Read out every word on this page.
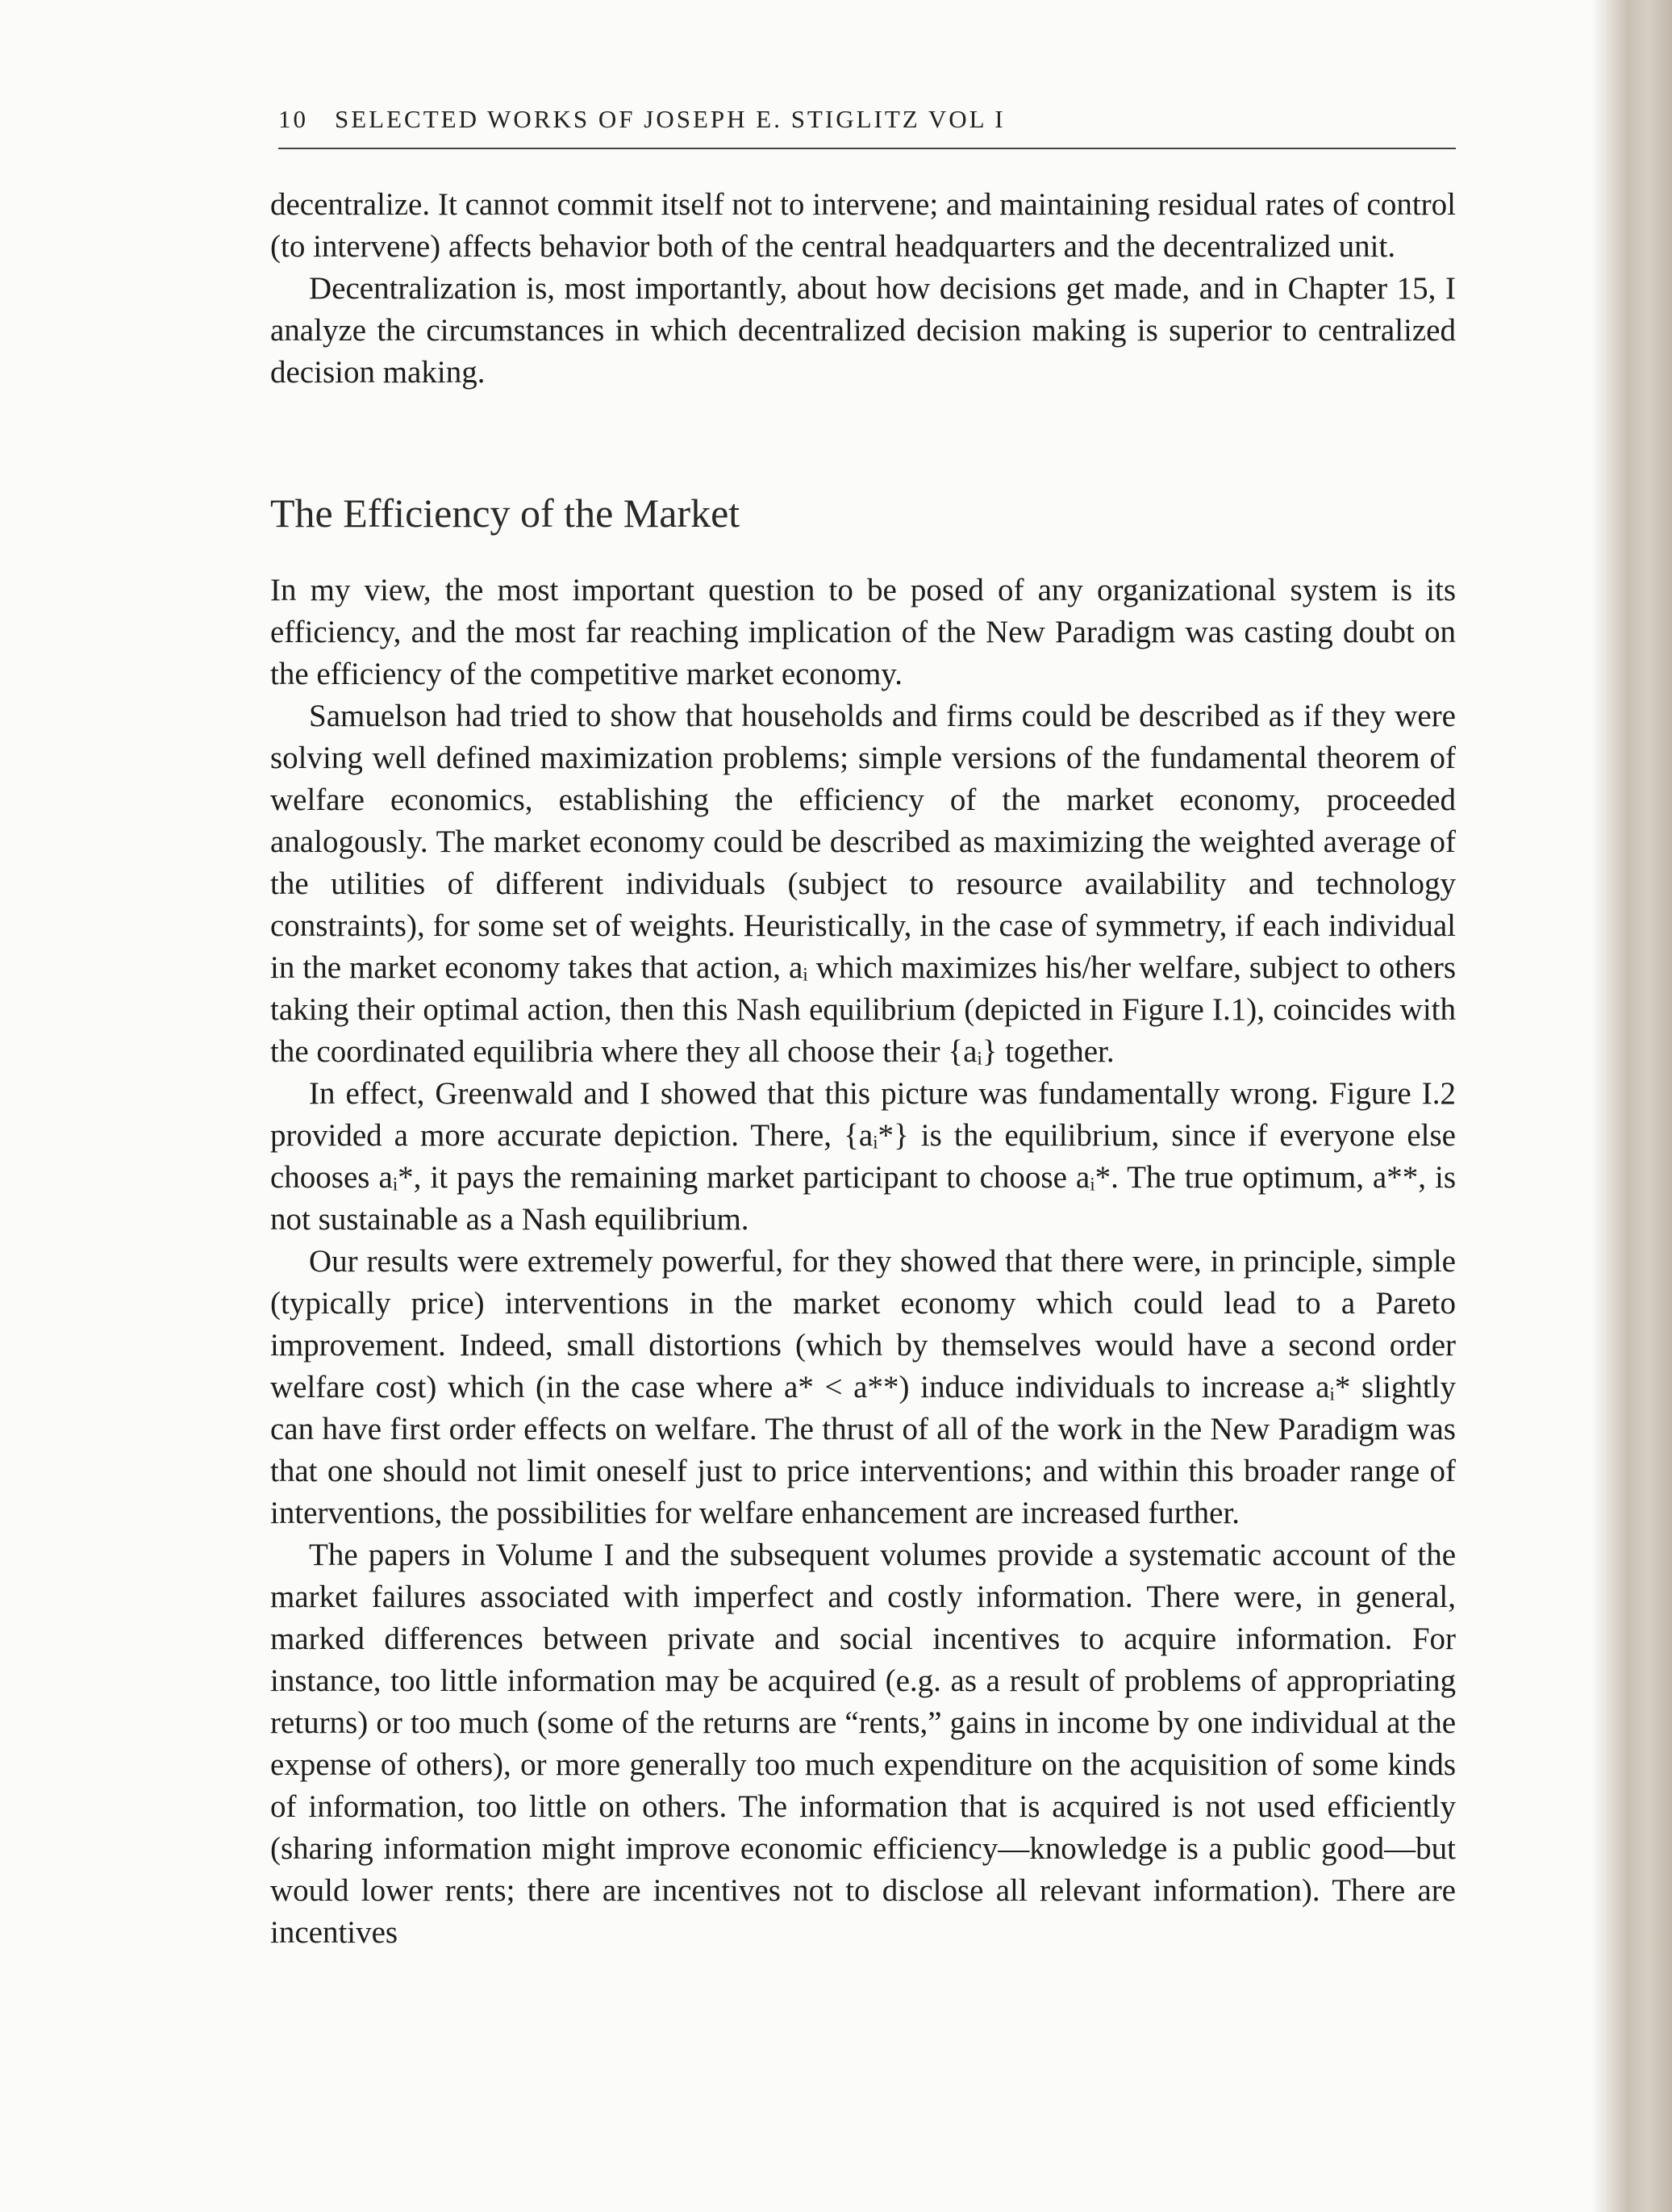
10 SELECTED WORKS OF JOSEPH E. STIGLITZ VOL I

decentralize. It cannot commit itself not to intervene; and maintaining residual rates of control (to intervene) affects behavior both of the central headquarters and the decentralized unit.

Decentralization is, most importantly, about how decisions get made, and in Chapter 15, I analyze the circumstances in which decentralized decision making is superior to centralized decision making.

The Efficiency of the Market

In my view, the most important question to be posed of any organizational system is its efficiency, and the most far reaching implication of the New Paradigm was casting doubt on the efficiency of the competitive market economy.

Samuelson had tried to show that households and firms could be described as if they were solving well defined maximization problems; simple versions of the fundamental theorem of welfare economics, establishing the efficiency of the market economy, proceeded analogously. The market economy could be described as maximizing the weighted average of the utilities of different individuals (subject to resource availability and technology constraints), for some set of weights. Heuristically, in the case of symmetry, if each individual in the market economy takes that action, aᵢ which maximizes his/her welfare, subject to others taking their optimal action, then this Nash equilibrium (depicted in Figure I.1), coincides with the coordinated equilibria where they all choose their {aᵢ} together.

In effect, Greenwald and I showed that this picture was fundamentally wrong. Figure I.2 provided a more accurate depiction. There, {aᵢ*} is the equilibrium, since if everyone else chooses aᵢ*, it pays the remaining market participant to choose aᵢ*. The true optimum, a**, is not sustainable as a Nash equilibrium.

Our results were extremely powerful, for they showed that there were, in principle, simple (typically price) interventions in the market economy which could lead to a Pareto improvement. Indeed, small distortions (which by themselves would have a second order welfare cost) which (in the case where a* < a**) induce individuals to increase aᵢ* slightly can have first order effects on welfare. The thrust of all of the work in the New Paradigm was that one should not limit oneself just to price interventions; and within this broader range of interventions, the possibilities for welfare enhancement are increased further.

The papers in Volume I and the subsequent volumes provide a systematic account of the market failures associated with imperfect and costly information. There were, in general, marked differences between private and social incentives to acquire information. For instance, too little information may be acquired (e.g. as a result of problems of appropriating returns) or too much (some of the returns are “rents,” gains in income by one individual at the expense of others), or more generally too much expenditure on the acquisition of some kinds of information, too little on others. The information that is acquired is not used efficiently (sharing information might improve economic efficiency—knowledge is a public good—but would lower rents; there are incentives not to disclose all relevant information). There are incentives
